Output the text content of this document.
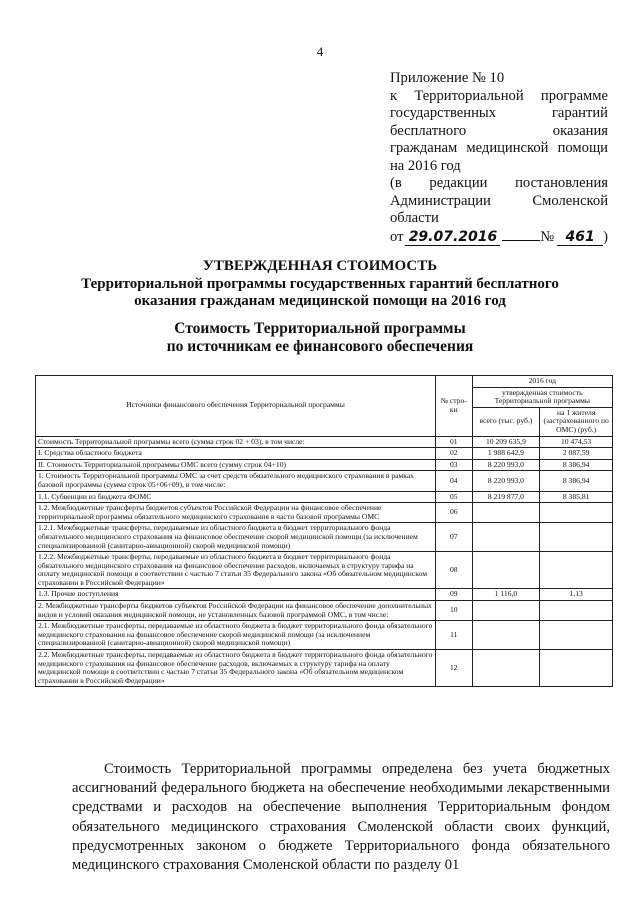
4
Приложение № 10
к Территориальной программе
государственных гарантий
бесплатного оказания
гражданам медицинской помощи
на 2016 год
(в редакции постановления
Администрации Смоленской
области
от 29.07.2016	№ 461 )
УТВЕРЖДЕННАЯ СТОИМОСТЬ
Территориальной программы государственных гарантий бесплатного
оказания гражданам медицинской помощи на 2016 год
Стоимость Территориальной программы
по источникам ее финансового обеспечения
Источники финансового обеспечения Территориальной программы	№ стро-ки	2016 год	
		утвержденная стоимость Территориальной программы	
		всего (тыс. руб.)	на 1 жителя (застрахованного по ОМС) (руб.)
Стоимость Территориальной программы всего (сумма строк 02 + 03), в том числе:	01	10 209 635,9	10 474,53
I. Средства областного бюджета	02	1 988 642,9	2 087,59
II. Стоимость Территориальной программы ОМС всего (сумму строк 04+10)	03	8 220 993,0	8 386,94
1. Стоимость Территориальной программы ОМС за счет средств обязательного медицинского страхования в рамках базовой программы (сумма строк 05+06+09), в том числе:	04	8 220 993,0	8 386,94
1.1. Субвенции из бюджета ФОМС	05	8 219 877,0	8 385,81
1.2. Межбюджетные трансферты бюджетов субъектов Российской Федерации на финансовое обеспечение территориальной программы обязательного медицинского страхования в части базовой программы ОМС	06		
1.2.1. Межбюджетные трансферты, передаваемые из областного бюджета в бюджет территориального фонда обязательного медицинского страхования на финансовое обеспечение скорой медицинской помощи (за исключением специализированной (санитарно-авиационной) скорой медицинской помощи)	07		
1.2.2. Межбюджетные трансферты, передаваемые из областного бюджета в бюджет территориального фонда обязательного медицинского страхования на финансовое обеспечение расходов, включаемых в структуру тарифа на оплату медицинской помощи в соответствии с частью 7 статьи 35 Федерального закона «Об обязательном медицинском страховании в Российской Федерации»	08		
1.3. Прочие поступления	09	1 116,0	1,13
2. Межбюджетные трансферты бюджетов субъектов Российской Федерации на финансовое обеспечение дополнительных видов и условий оказания медицинской помощи, не установленных базовой программой ОМС, в том числе:	10		
2.1. Межбюджетные трансферты, передаваемые из областного бюджета в бюджет территориального фонда обязательного медицинского страхования на финансовое обеспечение скорой медицинской помощи (за исключением специализированной (санитарно-авиационной) скорой медицинской помощи)	11		
2.2. Межбюджетные трансферты, передаваемые из областного бюджета в бюджет территориального фонда обязательного медицинского страхования на финансовое обеспечение расходов, включаемых в структуру тарифа на оплату медицинской помощи в соответствии с частью 7 статьи 35 Федерального закона «Об обязательном медицинском страховании в Российской Федерации»	12		
Стоимость Территориальной программы определена без учета бюджетных ассигнований федерального бюджета на обеспечение необходимыми лекарственными средствами и расходов на обеспечение выполнения Территориальным фондом обязательного медицинского страхования Смоленской области своих функций, предусмотренных законом о бюджете Территориального фонда обязательного медицинского страхования Смоленской области по разделу 01
